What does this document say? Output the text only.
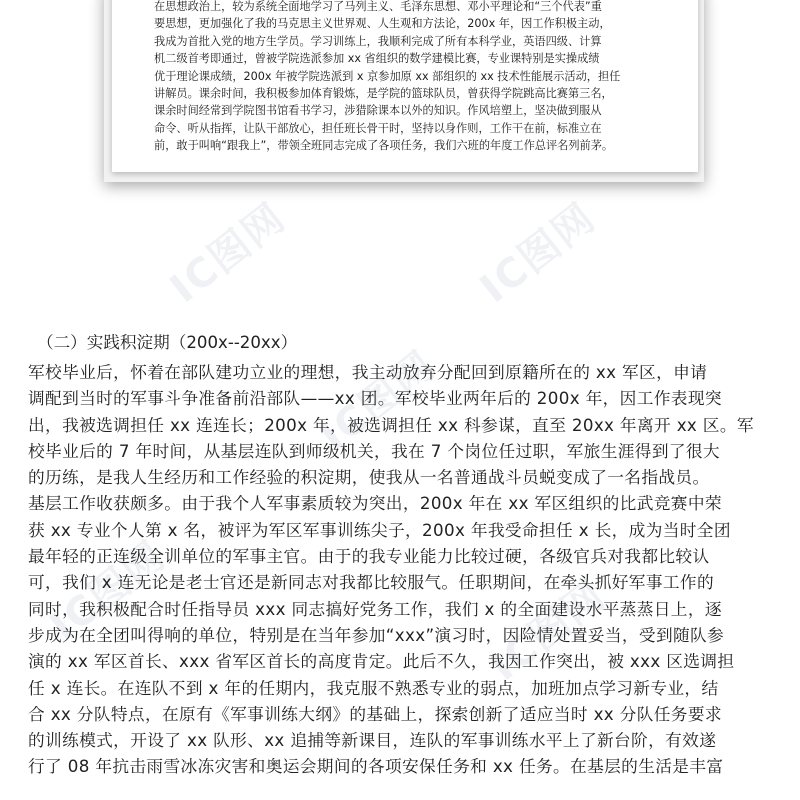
在思想政治上，较为系统全面地学习了马列主义、毛泽东思想、邓小平理论和“三个代表”重
要思想，更加强化了我的马克思主义世界观、人生观和方法论，200x 年，因工作积极主动，
我成为首批入党的地方生学员。学习训练上，我顺利完成了所有本科学业，英语四级、计算
机二级首考即通过，曾被学院选派参加 xx 省组织的数学建模比赛，专业课特别是实操成绩
优于理论课成绩，200x 年被学院选派到 x 京参加原 xx 部组织的 xx 技术性能展示活动，担任
讲解员。课余时间，我积极参加体育锻炼，是学院的篮球队员，曾获得学院跳高比赛第三名，
课余时间经常到学院图书馆看书学习，涉猎除课本以外的知识。作风培塑上，坚决做到服从
命令、听从指挥，让队干部放心，担任班长骨干时，坚持以身作则，工作干在前，标准立在
前，敢于叫响“跟我上”，带领全班同志完成了各项任务，我们六班的年度工作总评名列前茅。
IC图网	IC图网
IC图网
IC图网	IC图网
（二）实践积淀期（200x--20xx）
军校毕业后，怀着在部队建功立业的理想，我主动放弃分配回到原籍所在的 xx 军区，申请
调配到当时的军事斗争准备前沿部队——xx 团。军校毕业两年后的 200x 年，因工作表现突
出，我被选调担任 xx 连连长；200x 年，被选调担任 xx 科参谋，直至 20xx 年离开 xx 区。军
校毕业后的 7 年时间，从基层连队到师级机关，我在 7 个岗位任过职，军旅生涯得到了很大
的历练，是我人生经历和工作经验的积淀期，使我从一名普通战斗员蜕变成了一名指战员。
基层工作收获颇多。由于我个人军事素质较为突出，200x 年在 xx 军区组织的比武竞赛中荣
获 xx 专业个人第 x 名，被评为军区军事训练尖子，200x 年我受命担任 x 长，成为当时全团
最年轻的正连级全训单位的军事主官。由于的我专业能力比较过硬，各级官兵对我都比较认
可，我们 x 连无论是老士官还是新同志对我都比较服气。任职期间，在牵头抓好军事工作的
同时，我积极配合时任指导员 xxx 同志搞好党务工作，我们 x 的全面建设水平蒸蒸日上，逐
步成为在全团叫得响的单位，特别是在当年参加“xxx”演习时，因险情处置妥当，受到随队参
演的 xx 军区首长、xxx 省军区首长的高度肯定。此后不久，我因工作突出，被 xxx 区选调担
任 x 连长。在连队不到 x 年的任期内，我克服不熟悉专业的弱点，加班加点学习新专业，结
合 xx 分队特点，在原有《军事训练大纲》的基础上，探索创新了适应当时 xx 分队任务要求
的训练模式，开设了 xx 队形、xx 追捕等新课目，连队的军事训练水平上了新台阶，有效遂
行了 08 年抗击雨雪冰冻灾害和奥运会期间的各项安保任务和 xx 任务。在基层的生活是丰富
